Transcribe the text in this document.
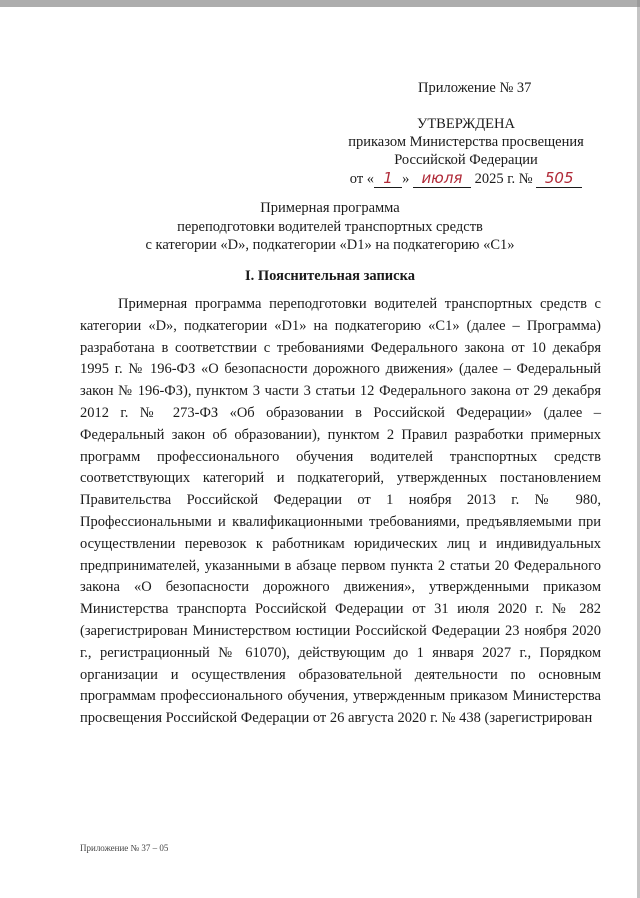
Приложение № 37
УТВЕРЖДЕНА
приказом Министерства просвещения
Российской Федерации
от « 1 » июля 2025 г. № 505
Примерная программа
переподготовки водителей транспортных средств
с категории «D», подкатегории «D1» на подкатегорию «C1»
I. Пояснительная записка

Примерная программа переподготовки водителей транспортных средств с категории «D», подкатегории «D1» на подкатегорию «C1» (далее – Программа) разработана в соответствии с требованиями Федерального закона от 10 декабря 1995 г. № 196-ФЗ «О безопасности дорожного движения» (далее – Федеральный закон № 196-ФЗ), пунктом 3 части 3 статьи 12 Федерального закона от 29 декабря 2012 г. № 273-ФЗ «Об образовании в Российской Федерации» (далее – Федеральный закон об образовании), пунктом 2 Правил разработки примерных программ профессионального обучения водителей транспортных средств соответствующих категорий и подкатегорий, утвержденных постановлением Правительства Российской Федерации от 1 ноября 2013 г. № 980, Профессиональными и квалификационными требованиями, предъявляемыми при осуществлении перевозок к работникам юридических лиц и индивидуальных предпринимателей, указанными в абзаце первом пункта 2 статьи 20 Федерального закона «О безопасности дорожного движения», утвержденными приказом Министерства транспорта Российской Федерации от 31 июля 2020 г. № 282 (зарегистрирован Министерством юстиции Российской Федерации 23 ноября 2020 г., регистрационный № 61070), действующим до 1 января 2027 г., Порядком организации и осуществления образовательной деятельности по основным программам профессионального обучения, утвержденным приказом Министерства просвещения Российской Федерации от 26 августа 2020 г. № 438 (зарегистрирован

Приложение № 37 – 05
